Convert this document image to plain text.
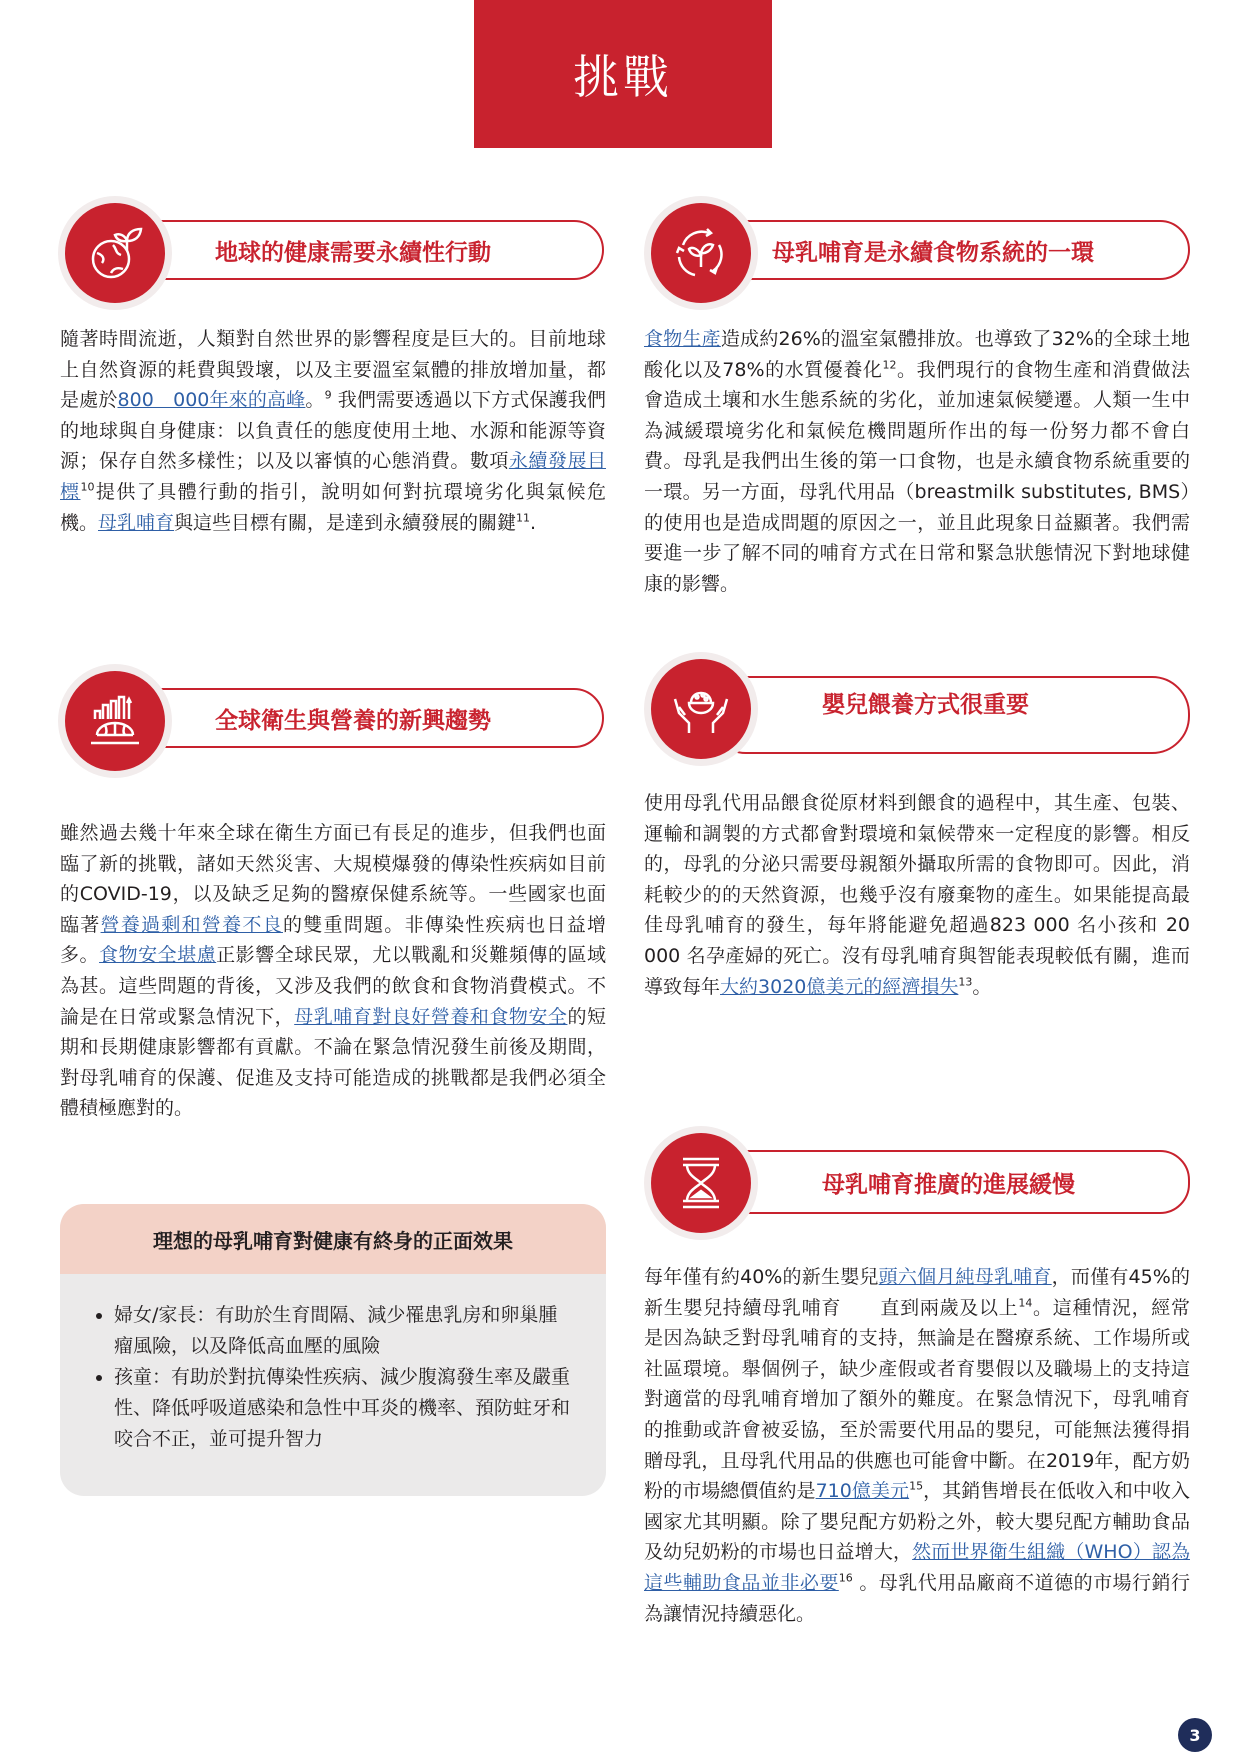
挑戰
地球的健康需要永續性行動
隨著時間流逝，人類對自然世界的影響程度是巨大的。目前地球上自然資源的耗費與毀壞，以及主要溫室氣體的排放增加量，都是處於800　000年來的高峰。$^9$ 我們需要透過以下方式保護我們的地球與自身健康：以負責任的態度使用土地、水源和能源等資源；保存自然多樣性；以及以審慎的心態消費。數項永續發展目標$^{10}$提供了具體行動的指引，說明如何對抗環境劣化與氣候危機。母乳哺育與這些目標有關，是達到永續發展的關鍵$^{11}$.
母乳哺育是永續食物系統的一環
食物生產造成約26%的溫室氣體排放。也導致了32%的全球土地酸化以及78%的水質優養化$^{12}$。我們現行的食物生產和消費做法會造成土壤和水生態系統的劣化，並加速氣候變遷。人類一生中為減緩環境劣化和氣候危機問題所作出的每一份努力都不會白費。母乳是我們出生後的第一口食物，也是永續食物系統重要的一環。另一方面，母乳代用品（breastmilk substitutes, BMS）的使用也是造成問題的原因之一，並且此現象日益顯著。我們需要進一步了解不同的哺育方式在日常和緊急狀態情況下對地球健康的影響。
全球衛生與營養的新興趨勢
雖然過去幾十年來全球在衛生方面已有長足的進步，但我們也面臨了新的挑戰，諸如天然災害、大規模爆發的傳染性疾病如目前的COVID-19，以及缺乏足夠的醫療保健系統等。一些國家也面臨著營養過剩和營養不良的雙重問題。非傳染性疾病也日益增多。食物安全堪慮正影響全球民眾，尤以戰亂和災難頻傳的區域為甚。這些問題的背後，又涉及我們的飲食和食物消費模式。不論是在日常或緊急情況下，母乳哺育對良好營養和食物安全的短期和長期健康影響都有貢獻。不論在緊急情況發生前後及期間，對母乳哺育的保護、促進及支持可能造成的挑戰都是我們必須全體積極應對的。
理想的母乳哺育對健康有終身的正面效果
• 婦女/家長：有助於生育間隔、減少罹患乳房和卵巢腫瘤風險，以及降低高血壓的風險
• 孩童：有助於對抗傳染性疾病、減少腹瀉發生率及嚴重性、降低呼吸道感染和急性中耳炎的機率、預防蛀牙和咬合不正，並可提升智力
嬰兒餵養方式很重要
使用母乳代用品餵食從原材料到餵食的過程中，其生產、包裝、運輸和調製的方式都會對環境和氣候帶來一定程度的影響。相反的，母乳的分泌只需要母親額外攝取所需的食物即可。因此，消耗較少的的天然資源，也幾乎沒有廢棄物的產生。如果能提高最佳母乳哺育的發生，每年將能避免超過823 000 名小孩和 20 000 名孕產婦的死亡。沒有母乳哺育與智能表現較低有關，進而導致每年大約3020億美元的經濟損失$^{13}$。
母乳哺育推廣的進展緩慢
每年僅有約40%的新生嬰兒頭六個月純母乳哺育，而僅有45%的新生嬰兒持續母乳哺育　　直到兩歲及以上$^{14}$。這種情況，經常是因為缺乏對母乳哺育的支持，無論是在醫療系統、工作場所或社區環境。舉個例子，缺少產假或者育嬰假以及職場上的支持這對適當的母乳哺育增加了額外的難度。在緊急情況下，母乳哺育的推動或許會被妥協，至於需要代用品的嬰兒，可能無法獲得捐贈母乳，且母乳代用品的供應也可能會中斷。在2019年，配方奶粉的市場總價值約是710億美元$^{15}$，其銷售增長在低收入和中收入國家尤其明顯。除了嬰兒配方奶粉之外，較大嬰兒配方輔助食品及幼兒奶粉的市場也日益增大，然而世界衛生組織（WHO）認為這些輔助食品並非必要$^{16}$ 。母乳代用品廠商不道德的市場行銷行為讓情況持續惡化。
3
